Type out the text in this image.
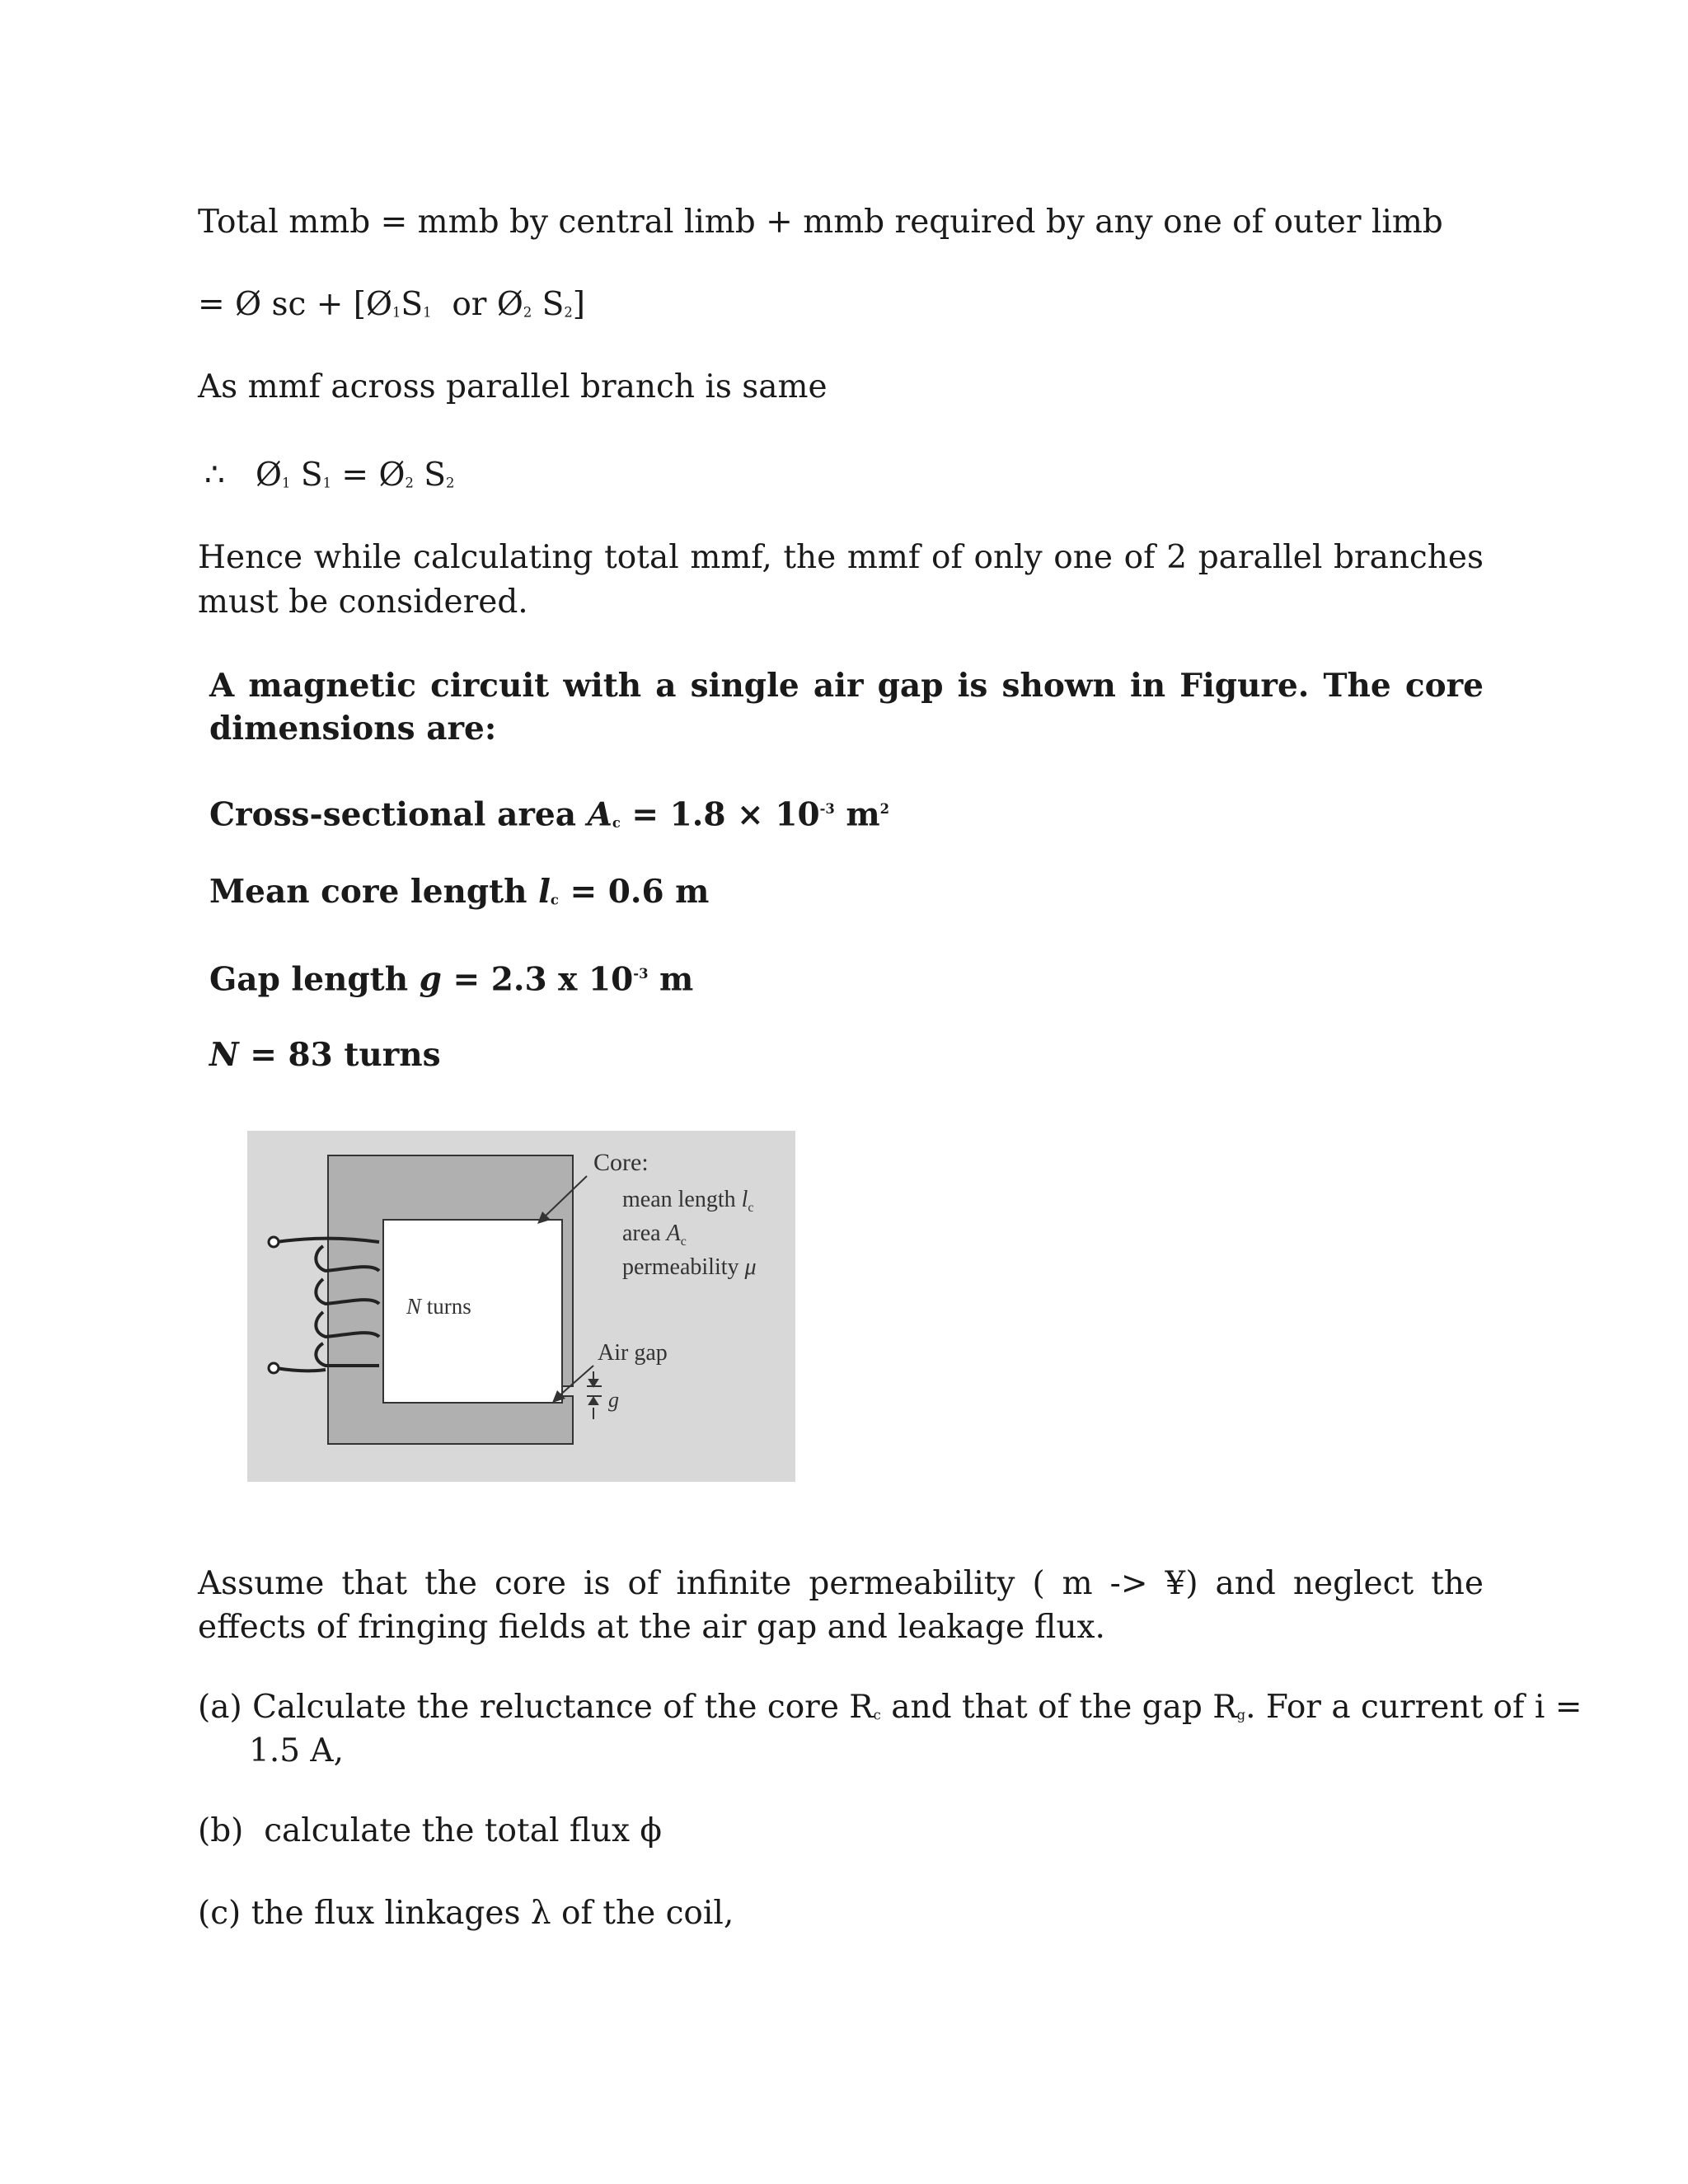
Total mmb = mmb by central limb + mmb required by any one of outer limb
= Ø sc + [$Ø_1S_1$ or $Ø_2$ $S_2$]
As mmf across parallel branch is same
∴ $Ø_1$ $S_1$ = $Ø_2$ $S_2$
Hence while calculating total mmf, the mmf of only one of 2 parallel branches must be considered.
A magnetic circuit with a single air gap is shown in Figure. The core dimensions are:
Cross-sectional area $A_c = 1.8 \times 10^{-3}$ $m^2$
Mean core length $l_c = 0.6$ m
Gap length g = 2.3 x $10^{-3}$ m
N = 83 turns
N turns
Core:
mean length $l_c$
area $A_c$
permeability μ
Air gap
g
Assume that the core is of infinite permeability ( m -> ¥) and neglect the effects of fringing fields at the air gap and leakage flux.
(a) Calculate the reluctance of the core $R_c$ and that of the gap $R_g$. For a current of i =
1.5 A,
(b) calculate the total flux ϕ
(c) the flux linkages λ of the coil,
